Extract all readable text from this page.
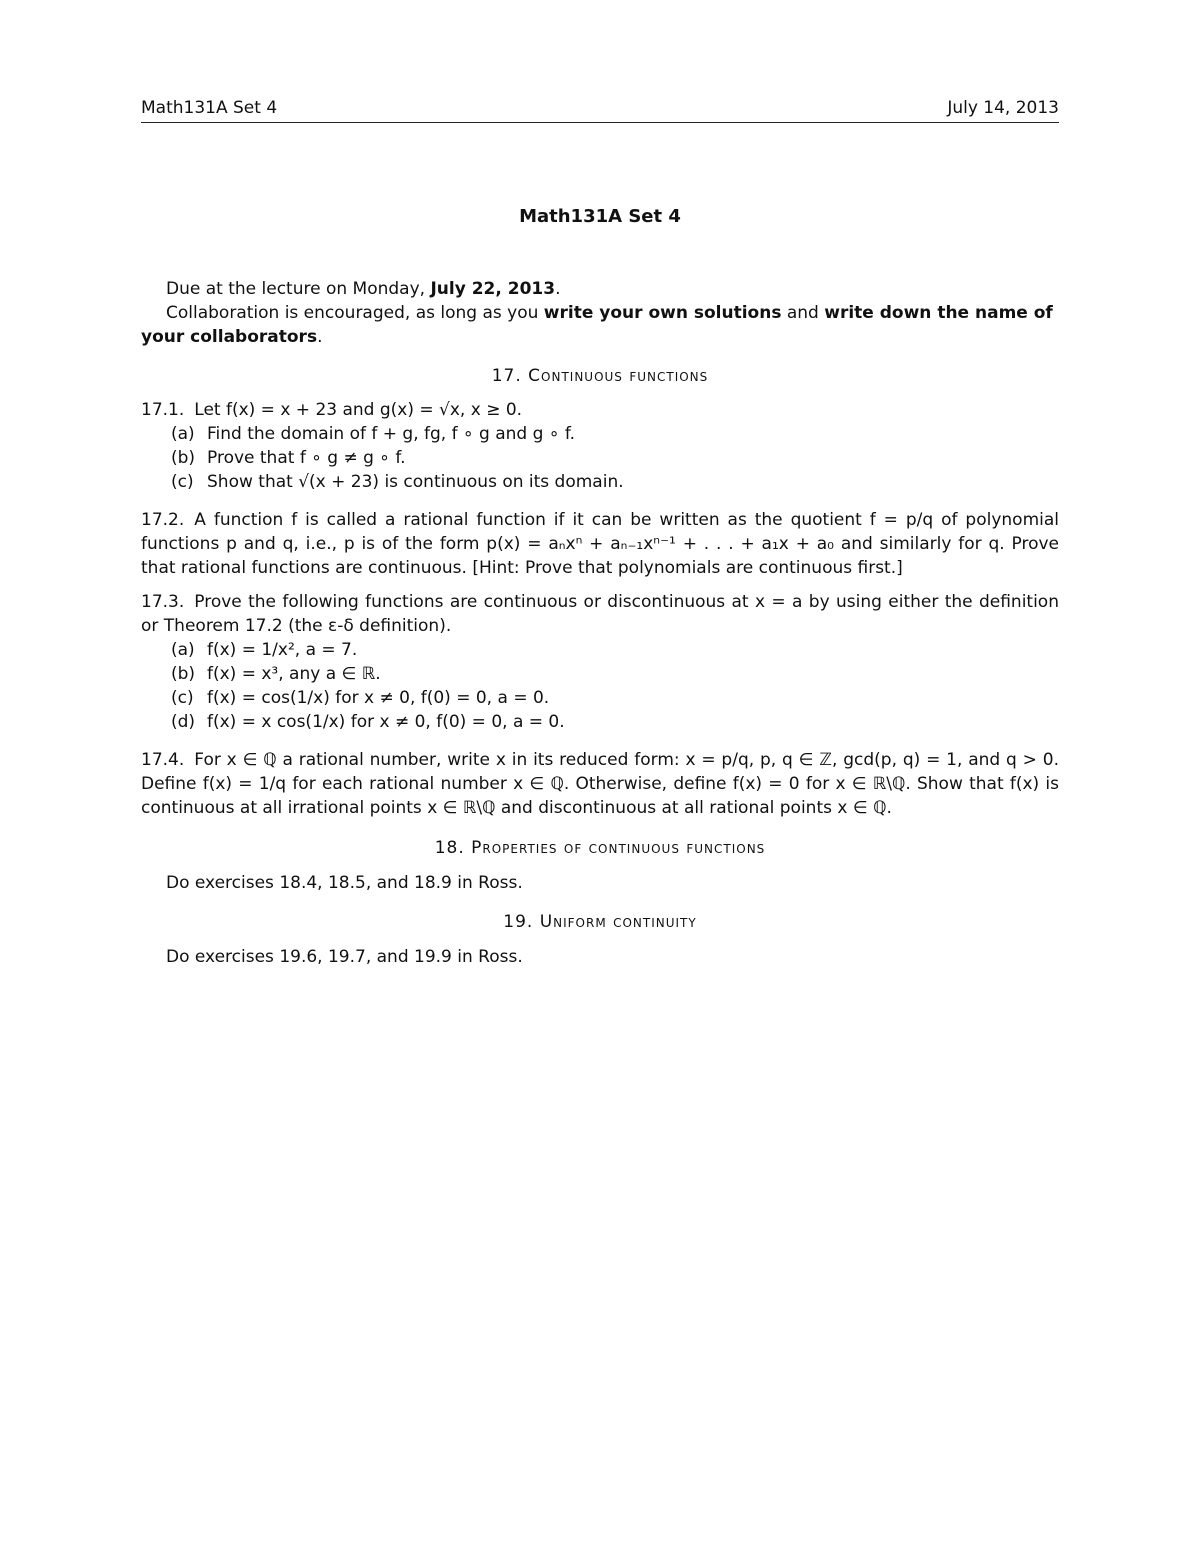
Math131A Set 4	July 14, 2013
Math131A Set 4
Due at the lecture on Monday, July 22, 2013.
Collaboration is encouraged, as long as you write your own solutions and write down the name of your collaborators.
17. Continuous functions
17.1. Let f(x) = x + 23 and g(x) = √x, x ≥ 0.
(a) Find the domain of f + g, fg, f ∘ g and g ∘ f.
(b) Prove that f ∘ g ≠ g ∘ f.
(c) Show that √(x + 23) is continuous on its domain.
17.2. A function f is called a rational function if it can be written as the quotient f = p/q of polynomial functions p and q, i.e., p is of the form p(x) = aₙxⁿ + aₙ₋₁xⁿ⁻¹ + . . . + a₁x + a₀ and similarly for q. Prove that rational functions are continuous. [Hint: Prove that polynomials are continuous first.]
17.3. Prove the following functions are continuous or discontinuous at x = a by using either the definition or Theorem 17.2 (the ε-δ definition).
(a) f(x) = 1/x², a = 7.
(b) f(x) = x³, any a ∈ ℝ.
(c) f(x) = cos(1/x) for x ≠ 0, f(0) = 0, a = 0.
(d) f(x) = x cos(1/x) for x ≠ 0, f(0) = 0, a = 0.
17.4. For x ∈ ℚ a rational number, write x in its reduced form: x = p/q, p, q ∈ ℤ, gcd(p, q) = 1, and q > 0. Define f(x) = 1/q for each rational number x ∈ ℚ. Otherwise, define f(x) = 0 for x ∈ ℝ\ℚ. Show that f(x) is continuous at all irrational points x ∈ ℝ\ℚ and discontinuous at all rational points x ∈ ℚ.
18. Properties of continuous functions
Do exercises 18.4, 18.5, and 18.9 in Ross.
19. Uniform continuity
Do exercises 19.6, 19.7, and 19.9 in Ross.
